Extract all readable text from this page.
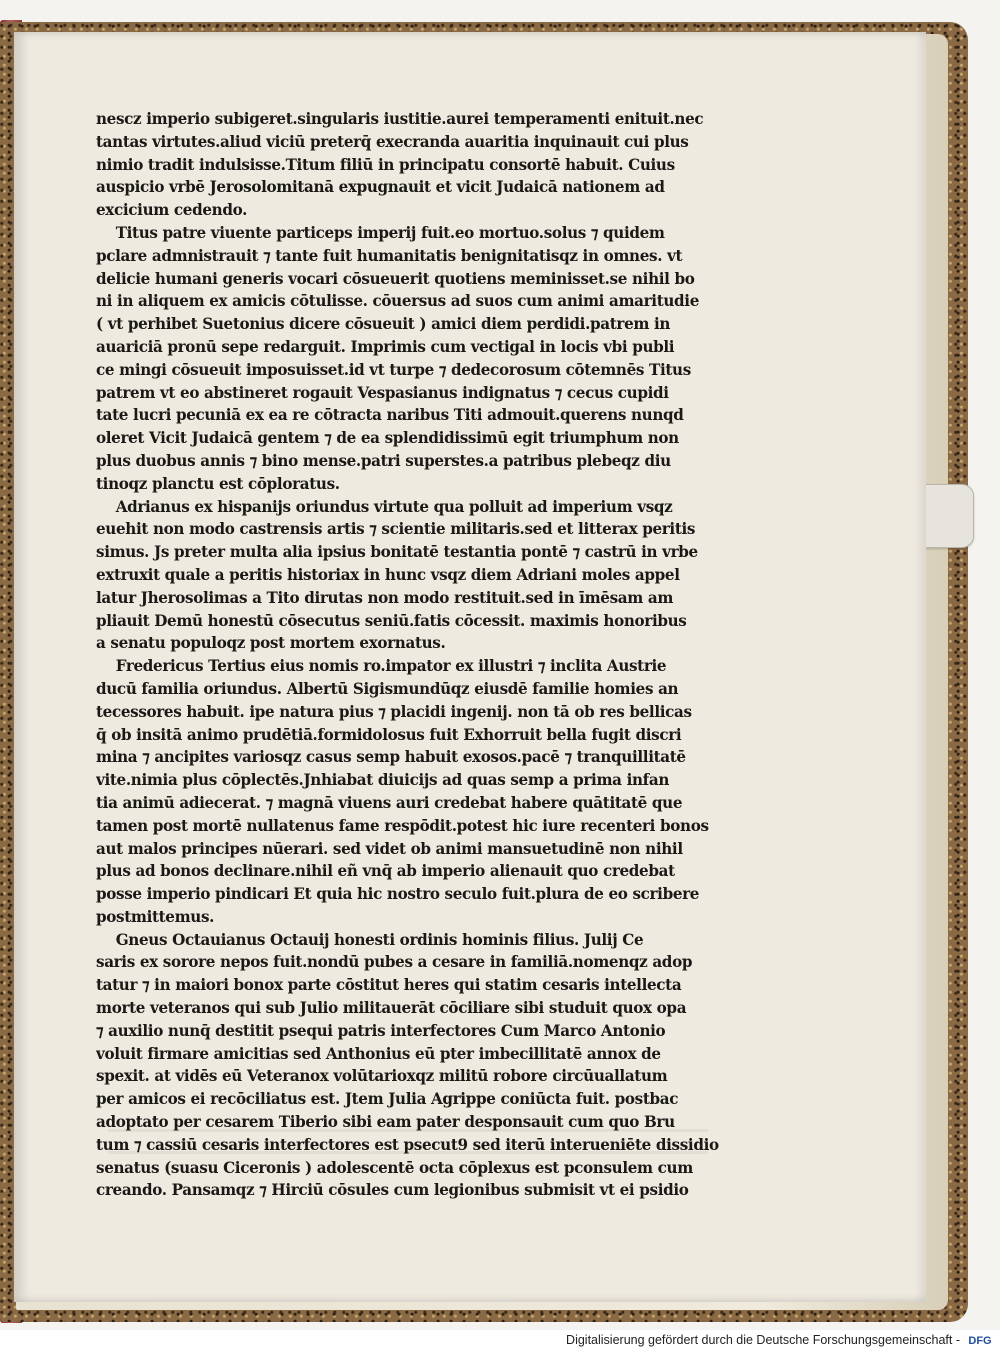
nescz imperio subigeret.singularis iustitie.aurei temperamenti enituit.nec
tantas virtutes.aliud viciū preterq̄ execranda auaritia inquinauit cui plus
nimio tradit indulsisse.Titum filiū in principatu consortē habuit. Cuius
auspicio vrbē Jerosolomitanā expugnauit et vicit Judaicā nationem ad
excicium cedendo.
Titus patre viuente particeps imperij fuit.eo mortuo.solus ⁊ quidem
pclare admnistrauit ⁊ tante fuit humanitatis benignitatisqz in omnes. vt
delicie humani generis vocari cōsueuerit quotiens meminisset.se nihil bo
ni in aliquem ex amicis cōtulisse. cōuersus ad suos cum animi amaritudie
( vt perhibet Suetonius dicere cōsueuit ) amici diem perdidi.patrem in
auariciā pronū sepe redarguit. Imprimis cum vectigal in locis vbi publi
ce mingi cōsueuit imposuisset.id vt turpe ⁊ dedecorosum cōtemnēs Titus
patrem vt eo abstineret rogauit Vespasianus indignatus ⁊ cecus cupidi
tate lucri pecuniā ex ea re cōtracta naribus Titi admouit.querens nunqd
oleret Vicit Judaicā gentem ⁊ de ea splendidissimū egit triumphum non
plus duobus annis ⁊ bino mense.patri superstes.a patribus plebeqz diu
tinoqz planctu est cōploratus.
Adrianus ex hispanijs oriundus virtute qua polluit ad imperium vsqz
euehit non modo castrensis artis ⁊ scientie militaris.sed et litterax peritis
simus. Js preter multa alia ipsius bonitatē testantia pontē ⁊ castrū in vrbe
extruxit quale a peritis historiax in hunc vsqz diem Adriani moles appel
latur Jherosolimas a Tito dirutas non modo restituit.sed in īmēsam am
pliauit Demū honestū cōsecutus seniū.fatis cōcessit. maximis honoribus
a senatu populoqz post mortem exornatus.
Fredericus Tertius eius nomis ro.impator ex illustri ⁊ inclita Austrie
ducū familia oriundus. Albertū Sigismundūqz eiusdē familie homies an
tecessores habuit. ipe natura pius ⁊ placidi ingenij. non tā ob res bellicas
q̄ ob insitā animo prudētiā.formidolosus fuit Exhorruit bella fugit discri
mina ⁊ ancipites variosqz casus semp habuit exosos.pacē ⁊ tranquillitatē
vite.nimia plus cōplectēs.Jnhiabat diuicijs ad quas semp a prima infan
tia animū adiecerat. ⁊ magnā viuens auri credebat habere quātitatē que
tamen post mortē nullatenus fame respōdit.potest hic iure recenteri bonos
aut malos principes nūerari. sed videt ob animi mansuetudinē non nihil
plus ad bonos declinare.nihil eñ vnq̄ ab imperio alienauit quo credebat
posse imperio pindicari Et quia hic nostro seculo fuit.plura de eo scribere
postmittemus.
Gneus Octauianus Octauij honesti ordinis hominis filius. Julij Ce
saris ex sorore nepos fuit.nondū pubes a cesare in familiā.nomenqz adop
tatur ⁊ in maiori bonox parte cōstitut heres qui statim cesaris intellecta
morte veteranos qui sub Julio militauerāt cōciliare sibi studuit quox opa
⁊ auxilio nunq̄ destitit psequi patris interfectores Cum Marco Antonio
voluit firmare amicitias sed Anthonius eū pter imbecillitatē annox de
spexit. at vidēs eū Veteranox volūtarioxqz militū robore circūuallatum
per amicos ei recōciliatus est. Jtem Julia Agrippe coniūcta fuit. postbac
adoptato per cesarem Tiberio sibi eam pater desponsauit cum quo Bru
tum ⁊ cassiū cesaris interfectores est psecut9 sed iterū interueniēte dissidio
senatus (suasu Ciceronis ) adolescentē octa cōplexus est pconsulem cum
creando. Pansamqz ⁊ Hirciū cōsules cum legionibus submisit vt ei psidio
Digitalisierung gefördert durch die Deutsche Forschungsgemeinschaft - DFG
